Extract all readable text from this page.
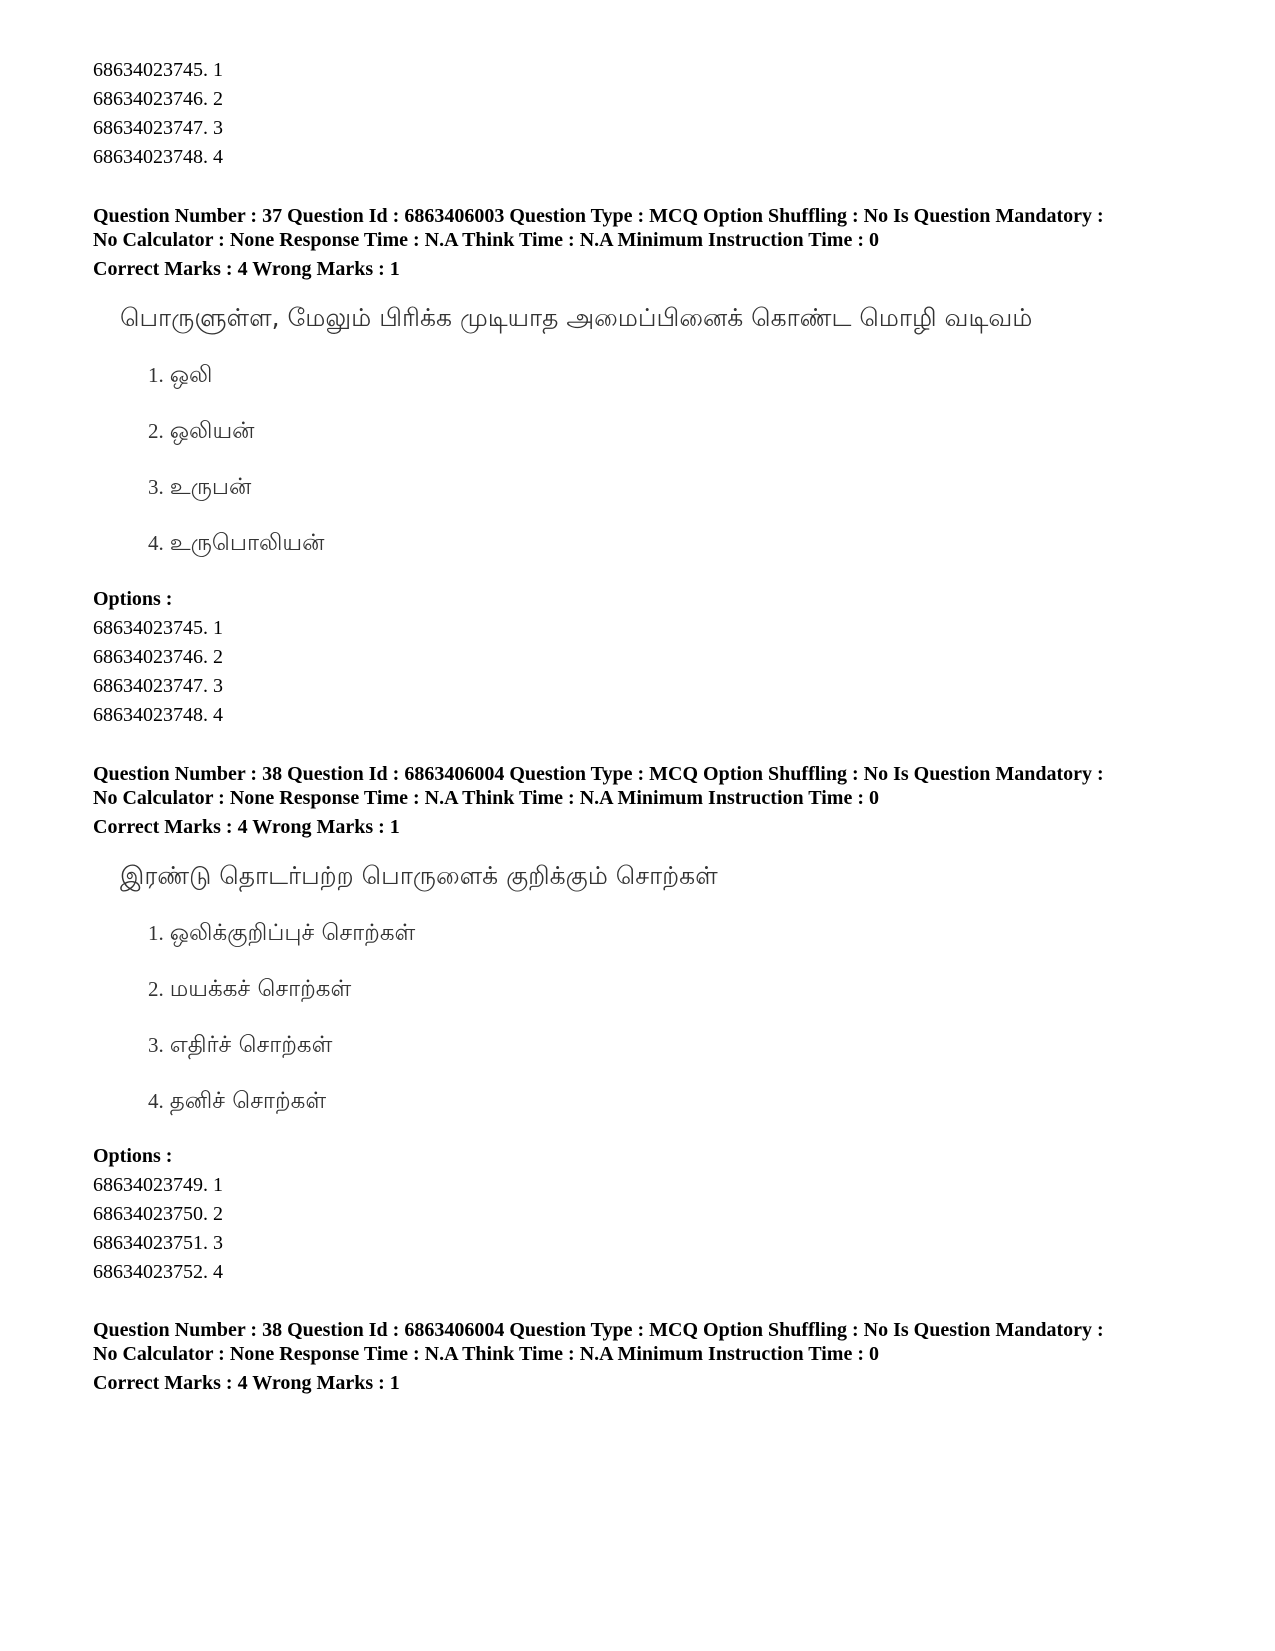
68634023745. 1
68634023746. 2
68634023747. 3
68634023748. 4
Question Number : 37 Question Id : 6863406003 Question Type : MCQ Option Shuffling : No Is Question Mandatory :
No Calculator : None Response Time : N.A Think Time : N.A Minimum Instruction Time : 0
Correct Marks : 4 Wrong Marks : 1
பொருளுள்ள, மேலும் பிரிக்க முடியாத அமைப்பினைக் கொண்ட மொழி வடிவம்
1. ஒலி
2. ஒலியன்
3. உருபன்
4. உருபொலியன்
Options :
68634023745. 1
68634023746. 2
68634023747. 3
68634023748. 4
Question Number : 38 Question Id : 6863406004 Question Type : MCQ Option Shuffling : No Is Question Mandatory :
No Calculator : None Response Time : N.A Think Time : N.A Minimum Instruction Time : 0
Correct Marks : 4 Wrong Marks : 1
இரண்டு தொடர்பற்ற பொருளைக் குறிக்கும் சொற்கள்
1. ஒலிக்குறிப்புச் சொற்கள்
2. மயக்கச் சொற்கள்
3. எதிர்ச் சொற்கள்
4. தனிச் சொற்கள்
Options :
68634023749. 1
68634023750. 2
68634023751. 3
68634023752. 4
Question Number : 38 Question Id : 6863406004 Question Type : MCQ Option Shuffling : No Is Question Mandatory :
No Calculator : None Response Time : N.A Think Time : N.A Minimum Instruction Time : 0
Correct Marks : 4 Wrong Marks : 1
